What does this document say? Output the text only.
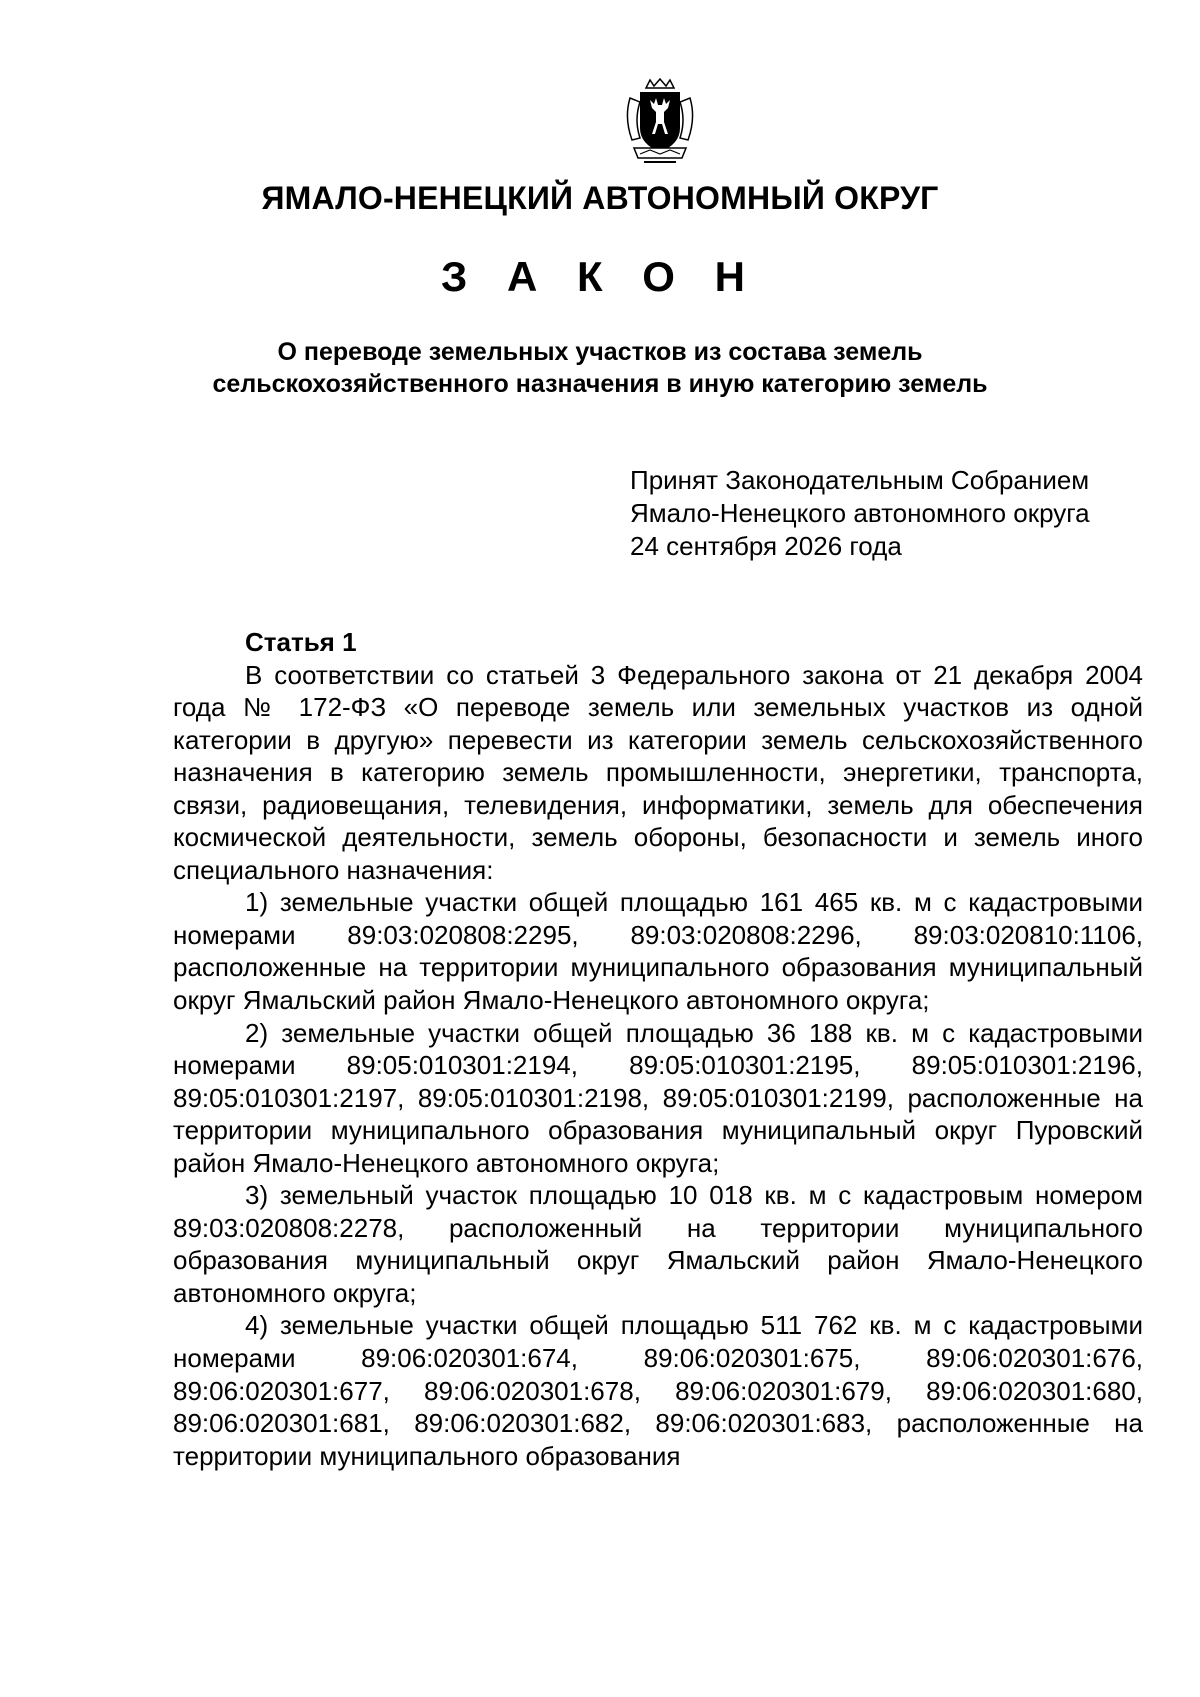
ЯМАЛО-НЕНЕЦКИЙ АВТОНОМНЫЙ ОКРУГ
З А К О Н
О переводе земельных участков из состава земель
сельскохозяйственного назначения в иную категорию земель
Принят Законодательным Собранием
Ямало-Ненецкого автономного округа
24 сентября 2026 года
Статья 1

В соответствии со статьей 3 Федерального закона от 21 декабря 2004 года № 172-ФЗ «О переводе земель или земельных участков из одной категории в другую» перевести из категории земель сельскохозяйственного назначения в категорию земель промышленности, энергетики, транспорта, связи, радиовещания, телевидения, информатики, земель для обеспечения космической деятельности, земель обороны, безопасности и земель иного специального назначения:

1) земельные участки общей площадью 161 465 кв. м с кадастровыми номерами 89:03:020808:2295, 89:03:020808:2296, 89:03:020810:1106, расположенные на территории муниципального образования муниципальный округ Ямальский район Ямало-Ненецкого автономного округа;

2) земельные участки общей площадью 36 188 кв. м с кадастровыми номерами 89:05:010301:2194, 89:05:010301:2195, 89:05:010301:2196, 89:05:010301:2197, 89:05:010301:2198, 89:05:010301:2199, расположенные на территории муниципального образования муниципальный округ Пуровский район Ямало-Ненецкого автономного округа;

3) земельный участок площадью 10 018 кв. м с кадастровым номером 89:03:020808:2278, расположенный на территории муниципального образования муниципальный округ Ямальский район Ямало-Ненецкого автономного округа;

4) земельные участки общей площадью 511 762 кв. м с кадастровыми номерами 89:06:020301:674, 89:06:020301:675, 89:06:020301:676, 89:06:020301:677, 89:06:020301:678, 89:06:020301:679, 89:06:020301:680, 89:06:020301:681, 89:06:020301:682, 89:06:020301:683, расположенные на территории муниципального образования
